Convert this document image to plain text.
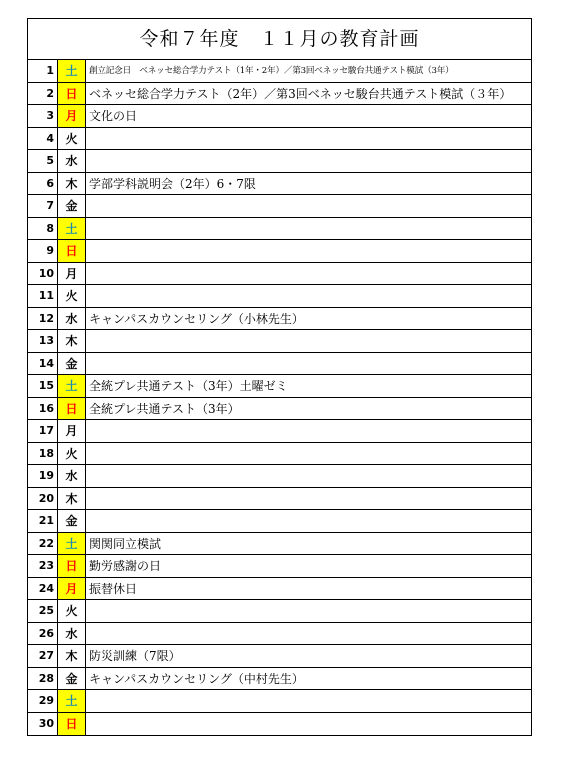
令和７年度　１１月の教育計画
1 土	創立記念日　ベネッセ総合学力テスト（1年・2年）／第3回ベネッセ駿台共通テスト模試（3年）
2 日 ベネッセ総合学力テスト（2年）／第3回ベネッセ駿台共通テスト模試（３年）
3 月 文化の日
4 火
5 水
6 木 学部学科説明会（2年）6・7限
7 金
8 土
9 日
10 月
11 火
12 水 キャンパスカウンセリング（小林先生）
13 木
14 金
15 土 全統プレ共通テスト（3年）土曜ゼミ
16 日 全統プレ共通テスト（3年）
17 月
18 火
19 水
20 木
21 金
22 土 関関同立模試
23 日 勤労感謝の日
24 月 振替休日
25 火
26 水
27 木 防災訓練（7限）
28 金 キャンパスカウンセリング（中村先生）
29 土
30 日
